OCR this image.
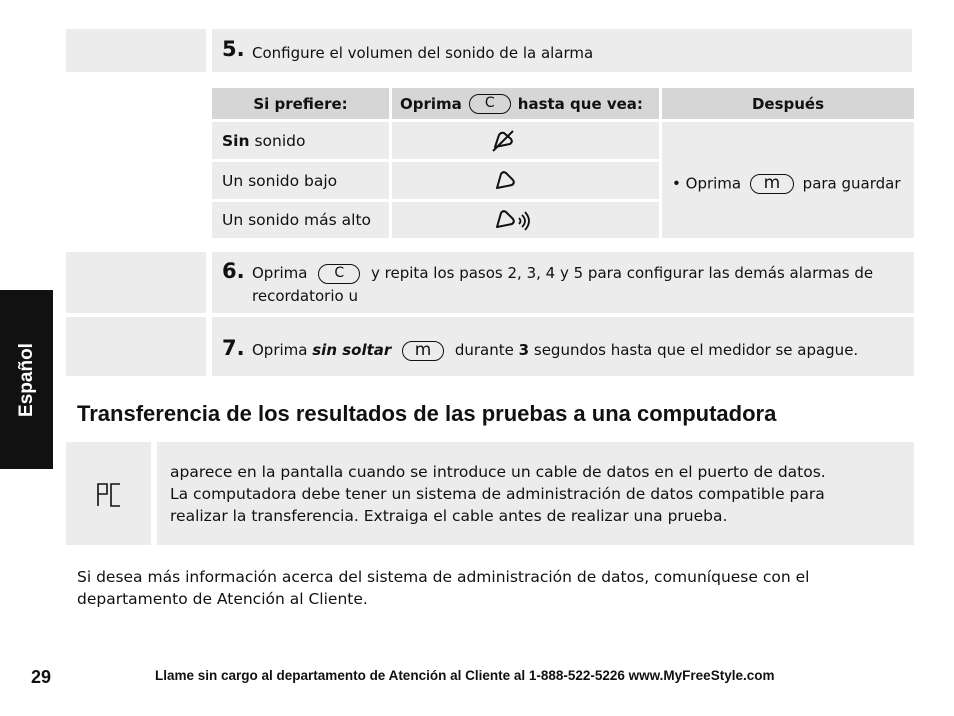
5. Configure el volumen del sonido de la alarma
Si prefiere:	Oprima	C	hasta que vea:	Después
Sin sonido
Un sonido bajo
Un sonido más alto
• Oprima m para guardar
6. Oprima C y repita los pasos 2, 3, 4 y 5 para configurar las demás alarmas de
recordatorio u
7. Oprima sin soltar m durante 3 segundos hasta que el medidor se apague.
Español Transferencia de los resultados de las pruebas a una computadora
aparece en la pantalla cuando se introduce un cable de datos en el puerto de datos.
La computadora debe tener un sistema de administración de datos compatible para
realizar la transferencia. Extraiga el cable antes de realizar una prueba.
Si desea más información acerca del sistema de administración de datos, comuníquese con el
departamento de Atención al Cliente.
29	Llame sin cargo al departamento de Atención al Cliente al 1-888-522-5226 www.MyFreeStyle.com
